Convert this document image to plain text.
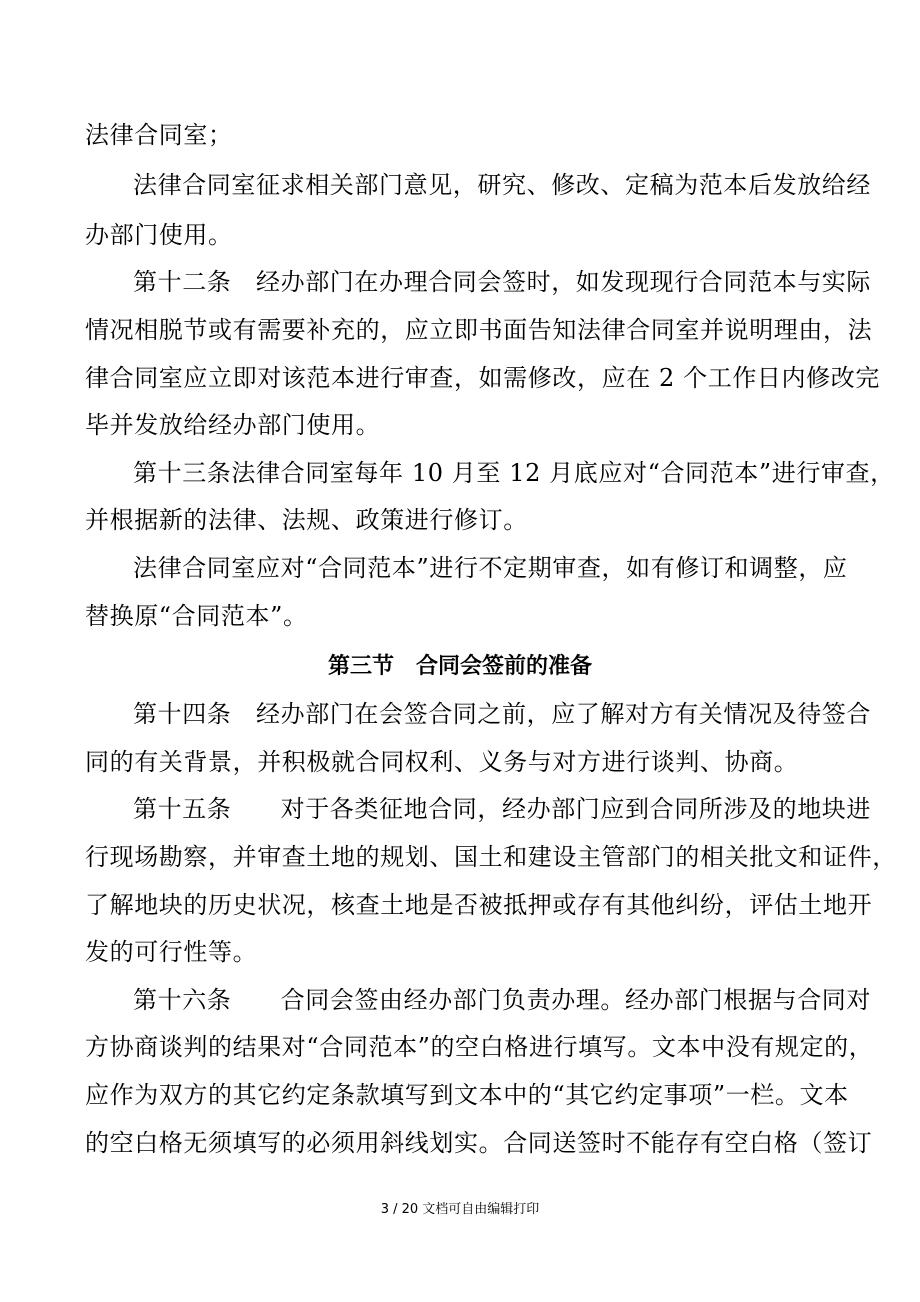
法律合同室；
法律合同室征求相关部门意见，研究、修改、定稿为范本后发放给经
办部门使用。
第十二条　经办部门在办理合同会签时，如发现现行合同范本与实际
情况相脱节或有需要补充的，应立即书面告知法律合同室并说明理由，法
律合同室应立即对该范本进行审查，如需修改，应在 2 个工作日内修改完
毕并发放给经办部门使用。
第十三条法律合同室每年 10 月至 12 月底应对“合同范本”进行审查，
并根据新的法律、法规、政策进行修订。
法律合同室应对“合同范本”进行不定期审查，如有修订和调整，应
替换原“合同范本”。
第三节　合同会签前的准备
第十四条　经办部门在会签合同之前，应了解对方有关情况及待签合
同的有关背景，并积极就合同权利、义务与对方进行谈判、协商。
第十五条　　对于各类征地合同，经办部门应到合同所涉及的地块进
行现场勘察，并审查土地的规划、国土和建设主管部门的相关批文和证件，
了解地块的历史状况，核查土地是否被抵押或存有其他纠纷，评估土地开
发的可行性等。
第十六条　　合同会签由经办部门负责办理。经办部门根据与合同对
方协商谈判的结果对“合同范本”的空白格进行填写。文本中没有规定的，
应作为双方的其它约定条款填写到文本中的“其它约定事项”一栏。文本
的空白格无须填写的必须用斜线划实。合同送签时不能存有空白格（签订
3 / 20 文档可自由编辑打印
